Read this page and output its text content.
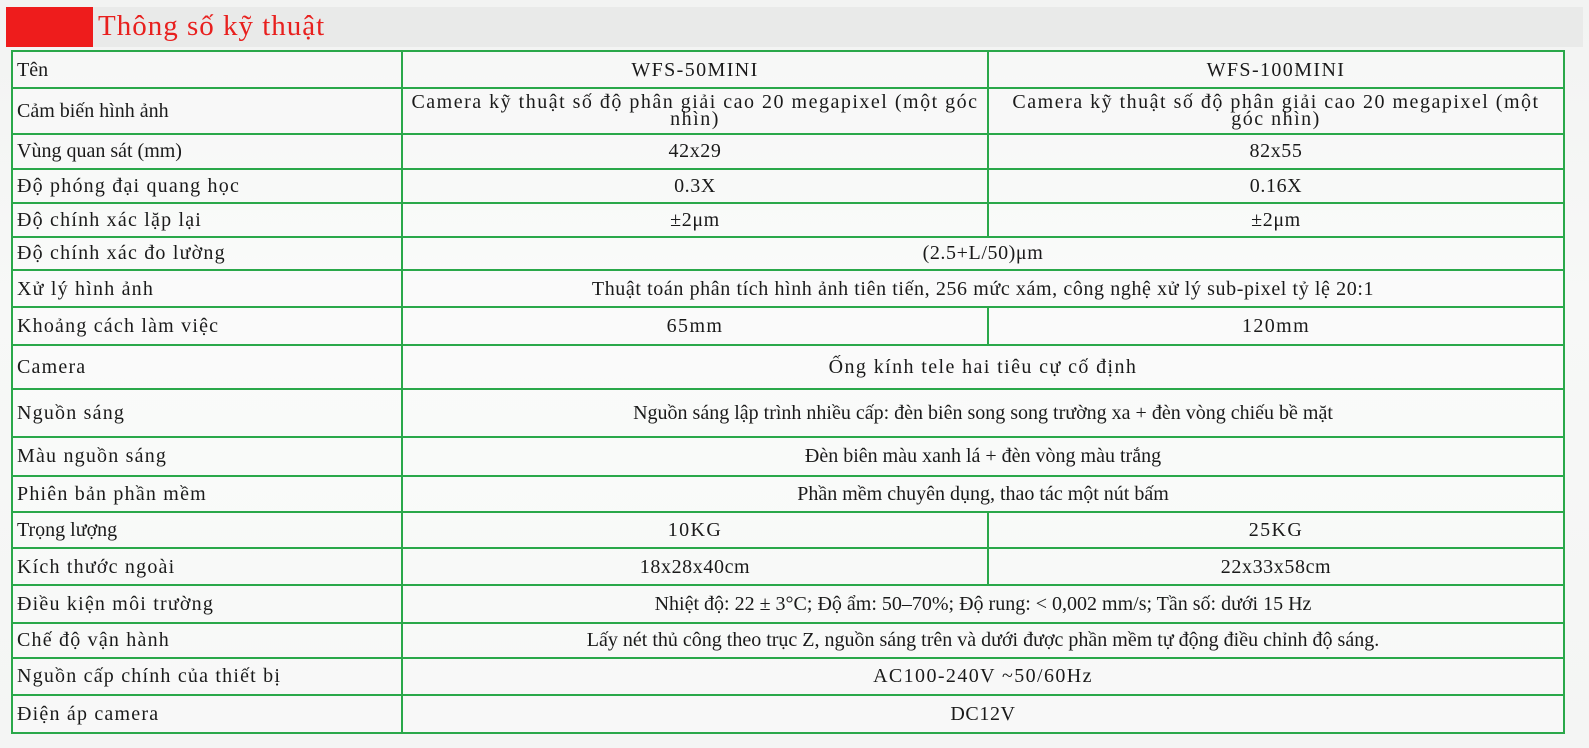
Thông số kỹ thuật
Tên	WFS-50MINI	WFS-100MINI
Cảm biến hình ảnh	Camera kỹ thuật số độ phân giải cao 20 megapixel (một góc nhìn)	Camera kỹ thuật số độ phân giải cao 20 megapixel (một góc nhìn)
Vùng quan sát (mm)	42x29	82x55
Độ phóng đại quang học	0.3X	0.16X
Độ chính xác lặp lại	±2μm	±2μm
Độ chính xác đo lường	(2.5+L/50)μm	
Xử lý hình ảnh	Thuật toán phân tích hình ảnh tiên tiến, 256 mức xám, công nghệ xử lý sub-pixel tỷ lệ 20:1	
Khoảng cách làm việc	65mm	120mm
Camera	Ống kính tele hai tiêu cự cố định	
Nguồn sáng	Nguồn sáng lập trình nhiều cấp: đèn biên song song trường xa + đèn vòng chiếu bề mặt	
Màu nguồn sáng	Đèn biên màu xanh lá + đèn vòng màu trắng	
Phiên bản phần mềm	Phần mềm chuyên dụng, thao tác một nút bấm	
Trọng lượng	10KG	25KG
Kích thước ngoài	18x28x40cm	22x33x58cm
Điều kiện môi trường	Nhiệt độ: 22 ± 3°C; Độ ẩm: 50–70%; Độ rung: < 0,002 mm/s; Tần số: dưới 15 Hz	
Chế độ vận hành	Lấy nét thủ công theo trục Z, nguồn sáng trên và dưới được phần mềm tự động điều chỉnh độ sáng.	
Nguồn cấp chính của thiết bị	AC100-240V ~50/60Hz	
Điện áp camera	DC12V	
